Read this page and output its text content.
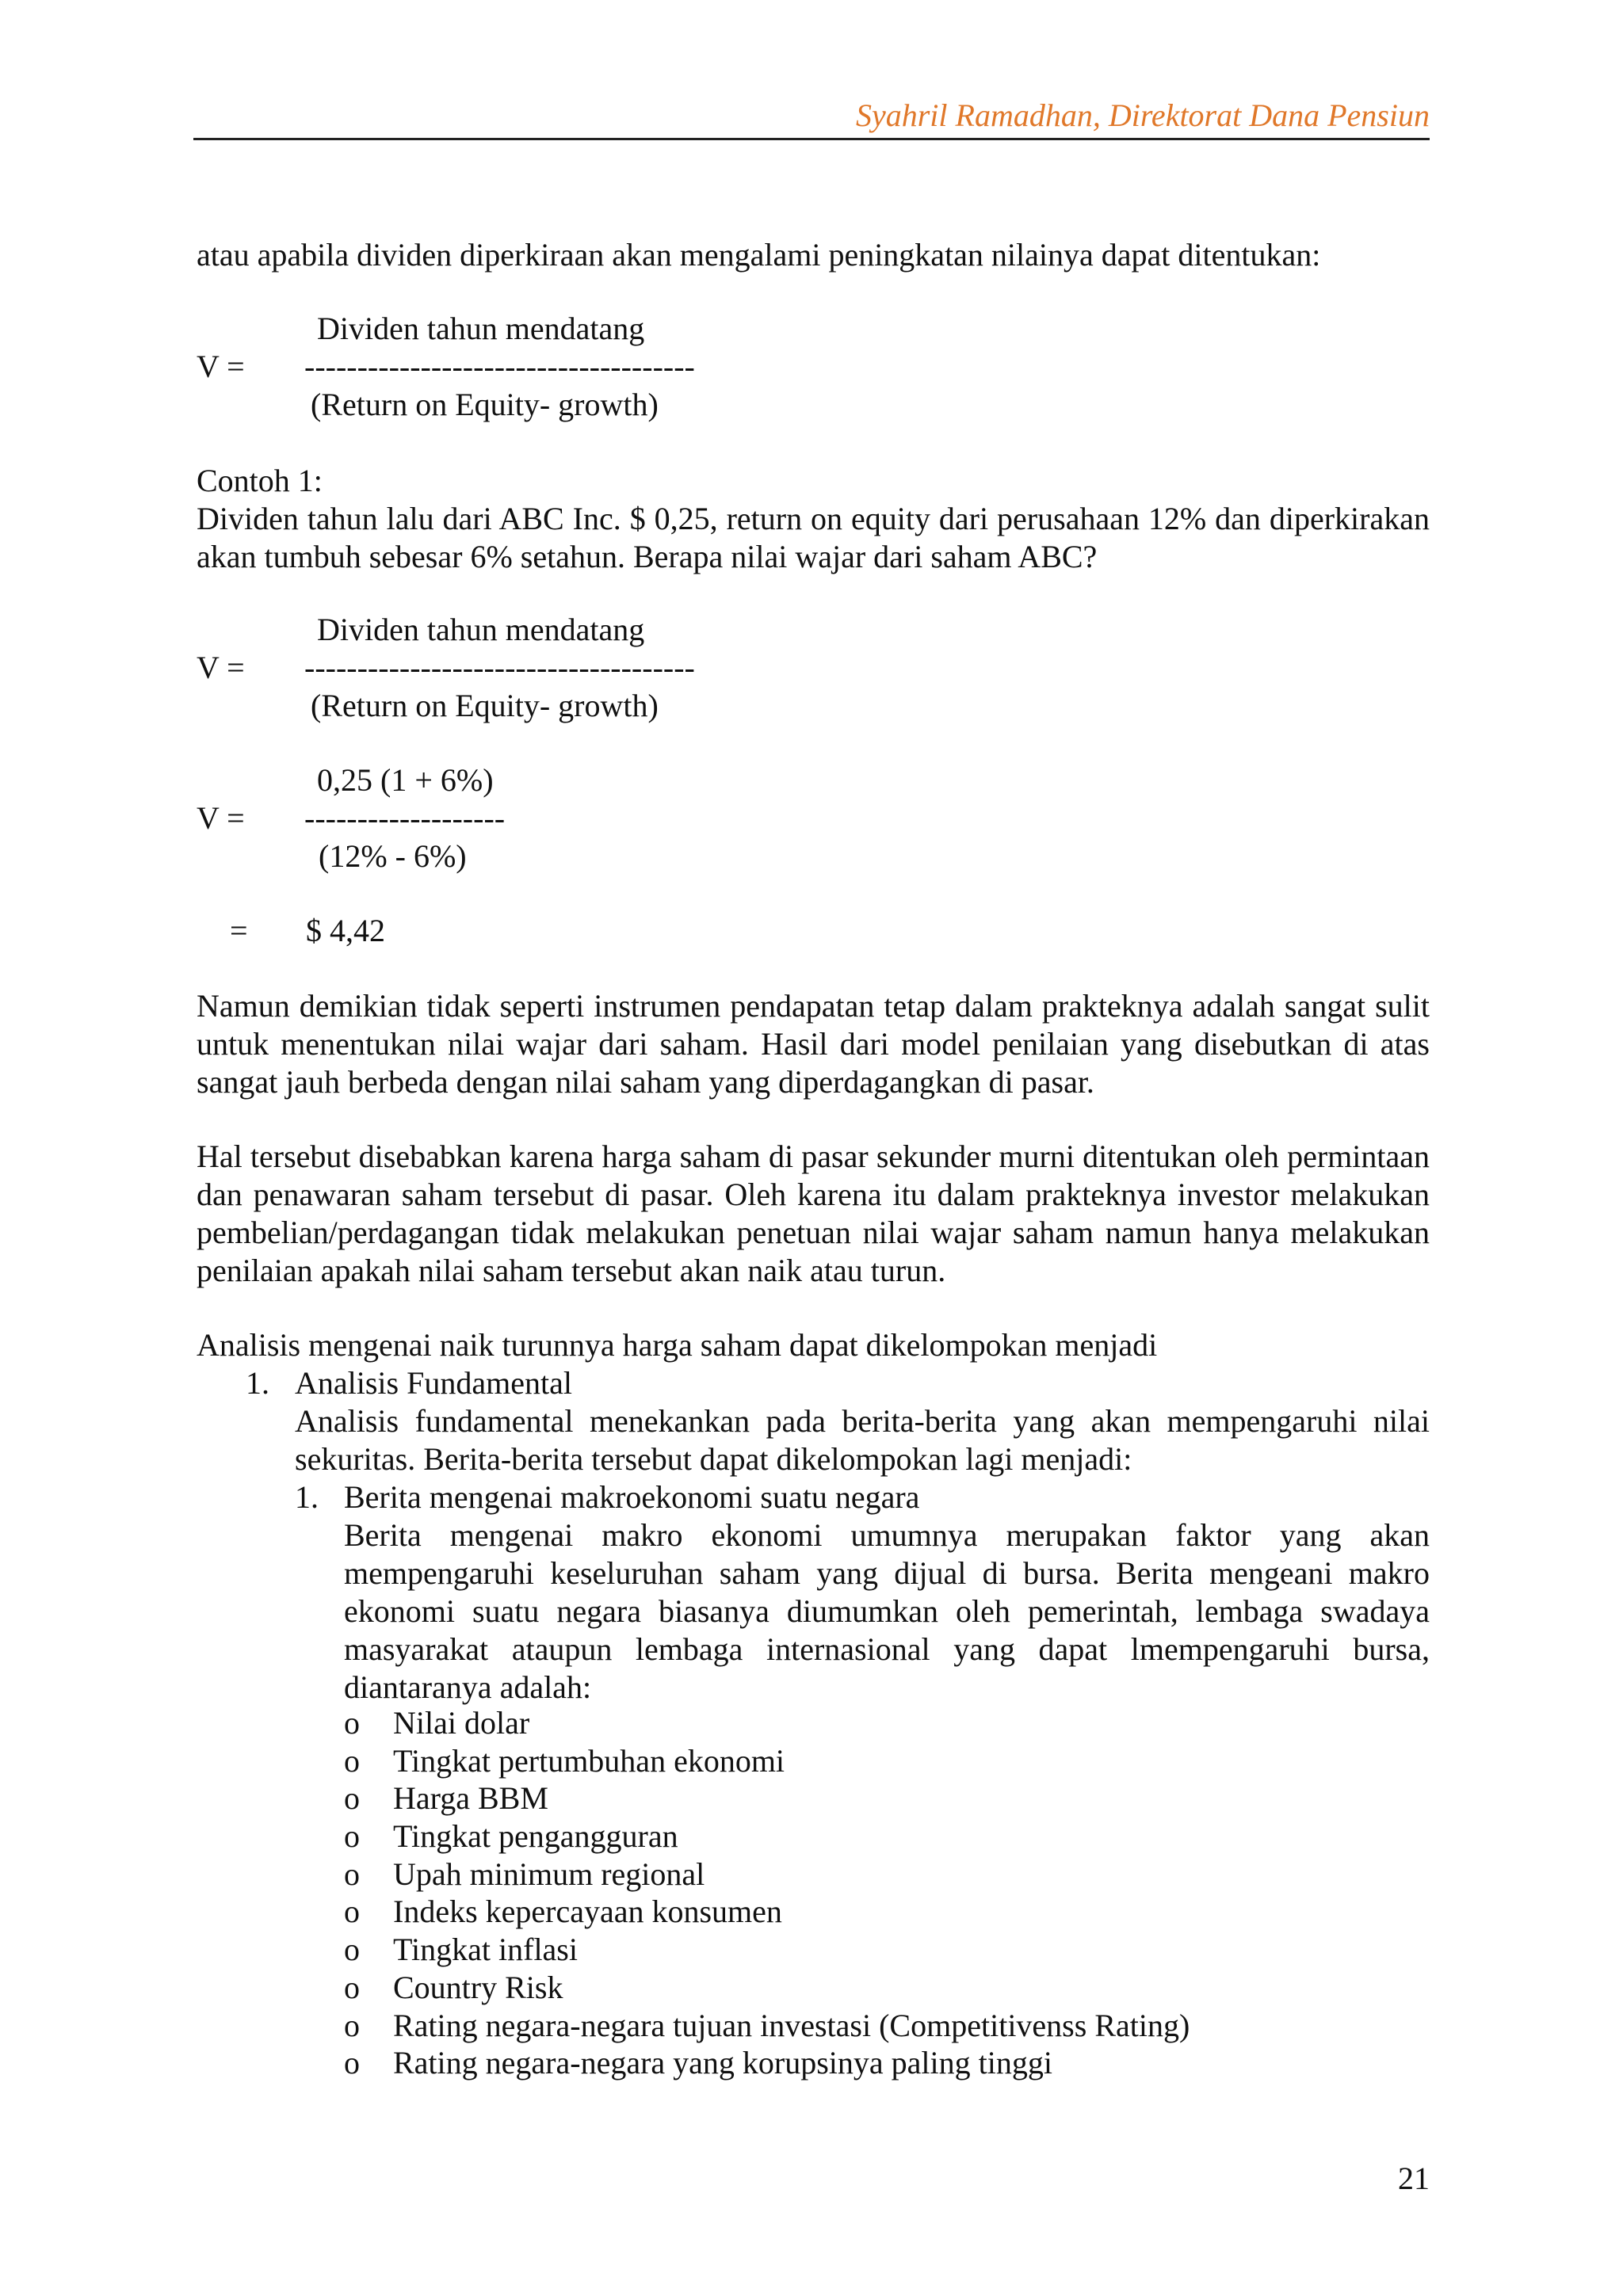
Syahril Ramadhan, Direktorat Dana Pensiun
atau apabila dividen diperkiraan akan mengalami peningkatan nilainya dapat ditentukan:
Dividen tahun mendatang
V = -------------------------------------
(Return on Equity- growth)
Contoh 1:
Dividen tahun lalu dari ABC Inc. $ 0,25, return on equity dari perusahaan 12% dan diperkirakan akan tumbuh sebesar 6% setahun. Berapa nilai wajar dari saham ABC?
Dividen tahun mendatang
V = -------------------------------------
(Return on Equity- growth)
0,25 (1 + 6%)
V = -------------------
(12% - 6%)
= $ 4,42
Namun demikian tidak seperti instrumen pendapatan tetap dalam prakteknya adalah sangat sulit untuk menentukan nilai wajar dari saham. Hasil dari model penilaian yang disebutkan di atas sangat jauh berbeda dengan nilai saham yang diperdagangkan di pasar.
Hal tersebut disebabkan karena harga saham di pasar sekunder murni ditentukan oleh permintaan dan penawaran saham tersebut di pasar. Oleh karena itu dalam prakteknya investor melakukan pembelian/perdagangan tidak melakukan penetuan nilai wajar saham namun hanya melakukan penilaian apakah nilai saham tersebut akan naik atau turun.
Analisis mengenai naik turunnya harga saham dapat dikelompokan menjadi
1. Analisis Fundamental
Analisis fundamental menekankan pada berita-berita yang akan mempengaruhi nilai sekuritas. Berita-berita tersebut dapat dikelompokan lagi menjadi:
1. Berita mengenai makroekonomi suatu negara
Berita mengenai makro ekonomi umumnya merupakan faktor yang akan mempengaruhi keseluruhan saham yang dijual di bursa. Berita mengeani makro ekonomi suatu negara biasanya diumumkan oleh pemerintah, lembaga swadaya masyarakat ataupun lembaga internasional yang dapat lmempengaruhi bursa, diantaranya adalah:
o Nilai dolar
o Tingkat pertumbuhan ekonomi
o Harga BBM
o Tingkat pengangguran
o Upah minimum regional
o Indeks kepercayaan konsumen
o Tingkat inflasi
o Country Risk
o Rating negara-negara tujuan investasi (Competitivenss Rating)
o Rating negara-negara yang korupsinya paling tinggi
21
